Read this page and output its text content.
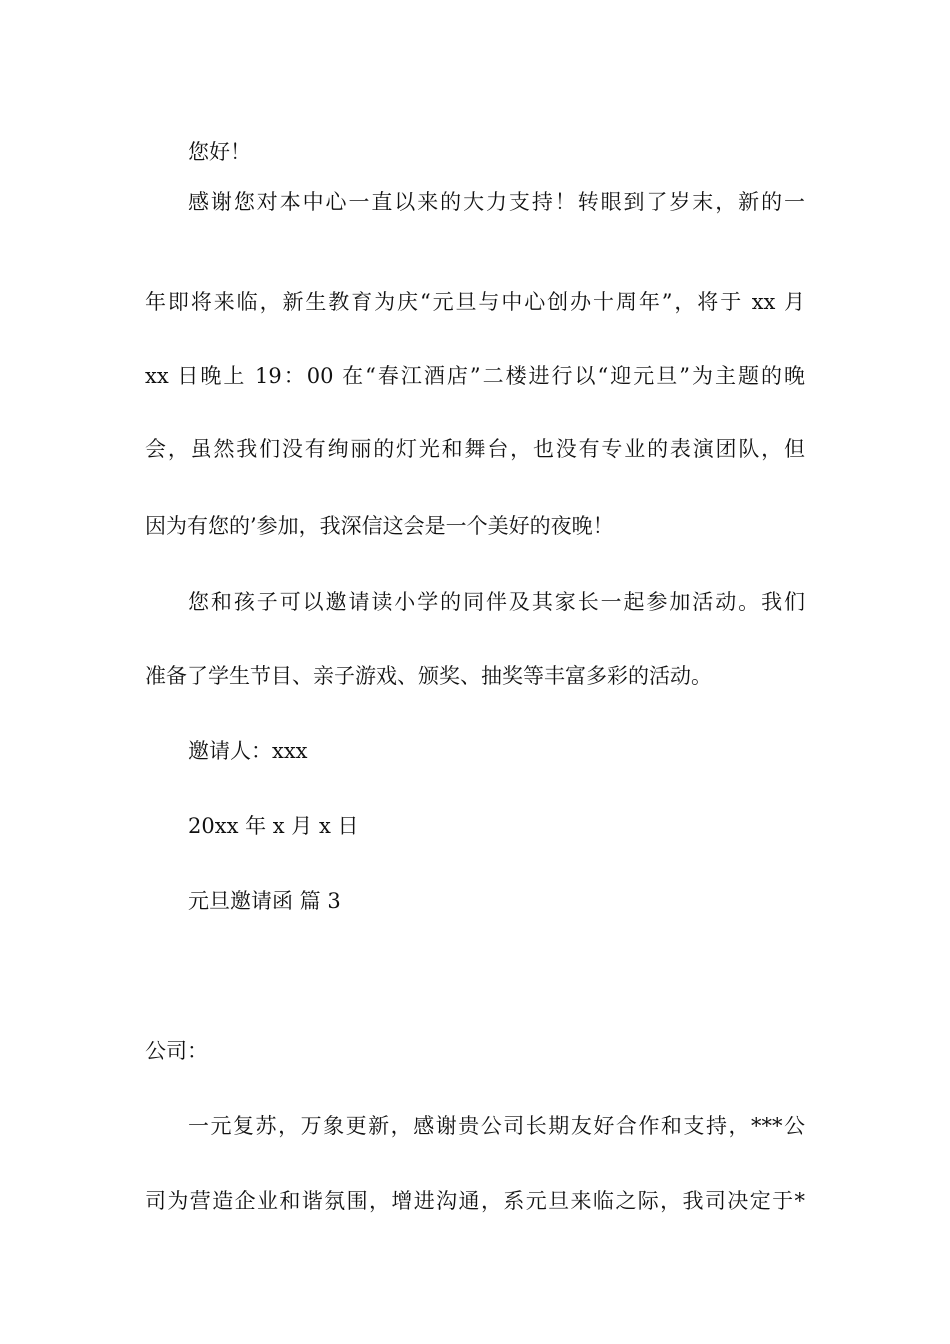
您好！
感谢您对本中心一直以来的大力支持！转眼到了岁末，新的一
年即将来临，新生教育为庆“元旦与中心创办十周年”，将于 xx 月
xx 日晚上 19：00 在“春江酒店”二楼进行以“迎元旦”为主题的晚
会，虽然我们没有绚丽的灯光和舞台，也没有专业的表演团队，但
因为有您的’参加，我深信这会是一个美好的夜晚！
您和孩子可以邀请读小学的同伴及其家长一起参加活动。我们
准备了学生节目、亲子游戏、颁奖、抽奖等丰富多彩的活动。
邀请人：xxx
20xx 年 x 月 x 日
元旦邀请函 篇 3
公司：
一元复苏，万象更新，感谢贵公司长期友好合作和支持，***公
司为营造企业和谐氛围，增进沟通，系元旦来临之际，我司决定于*
